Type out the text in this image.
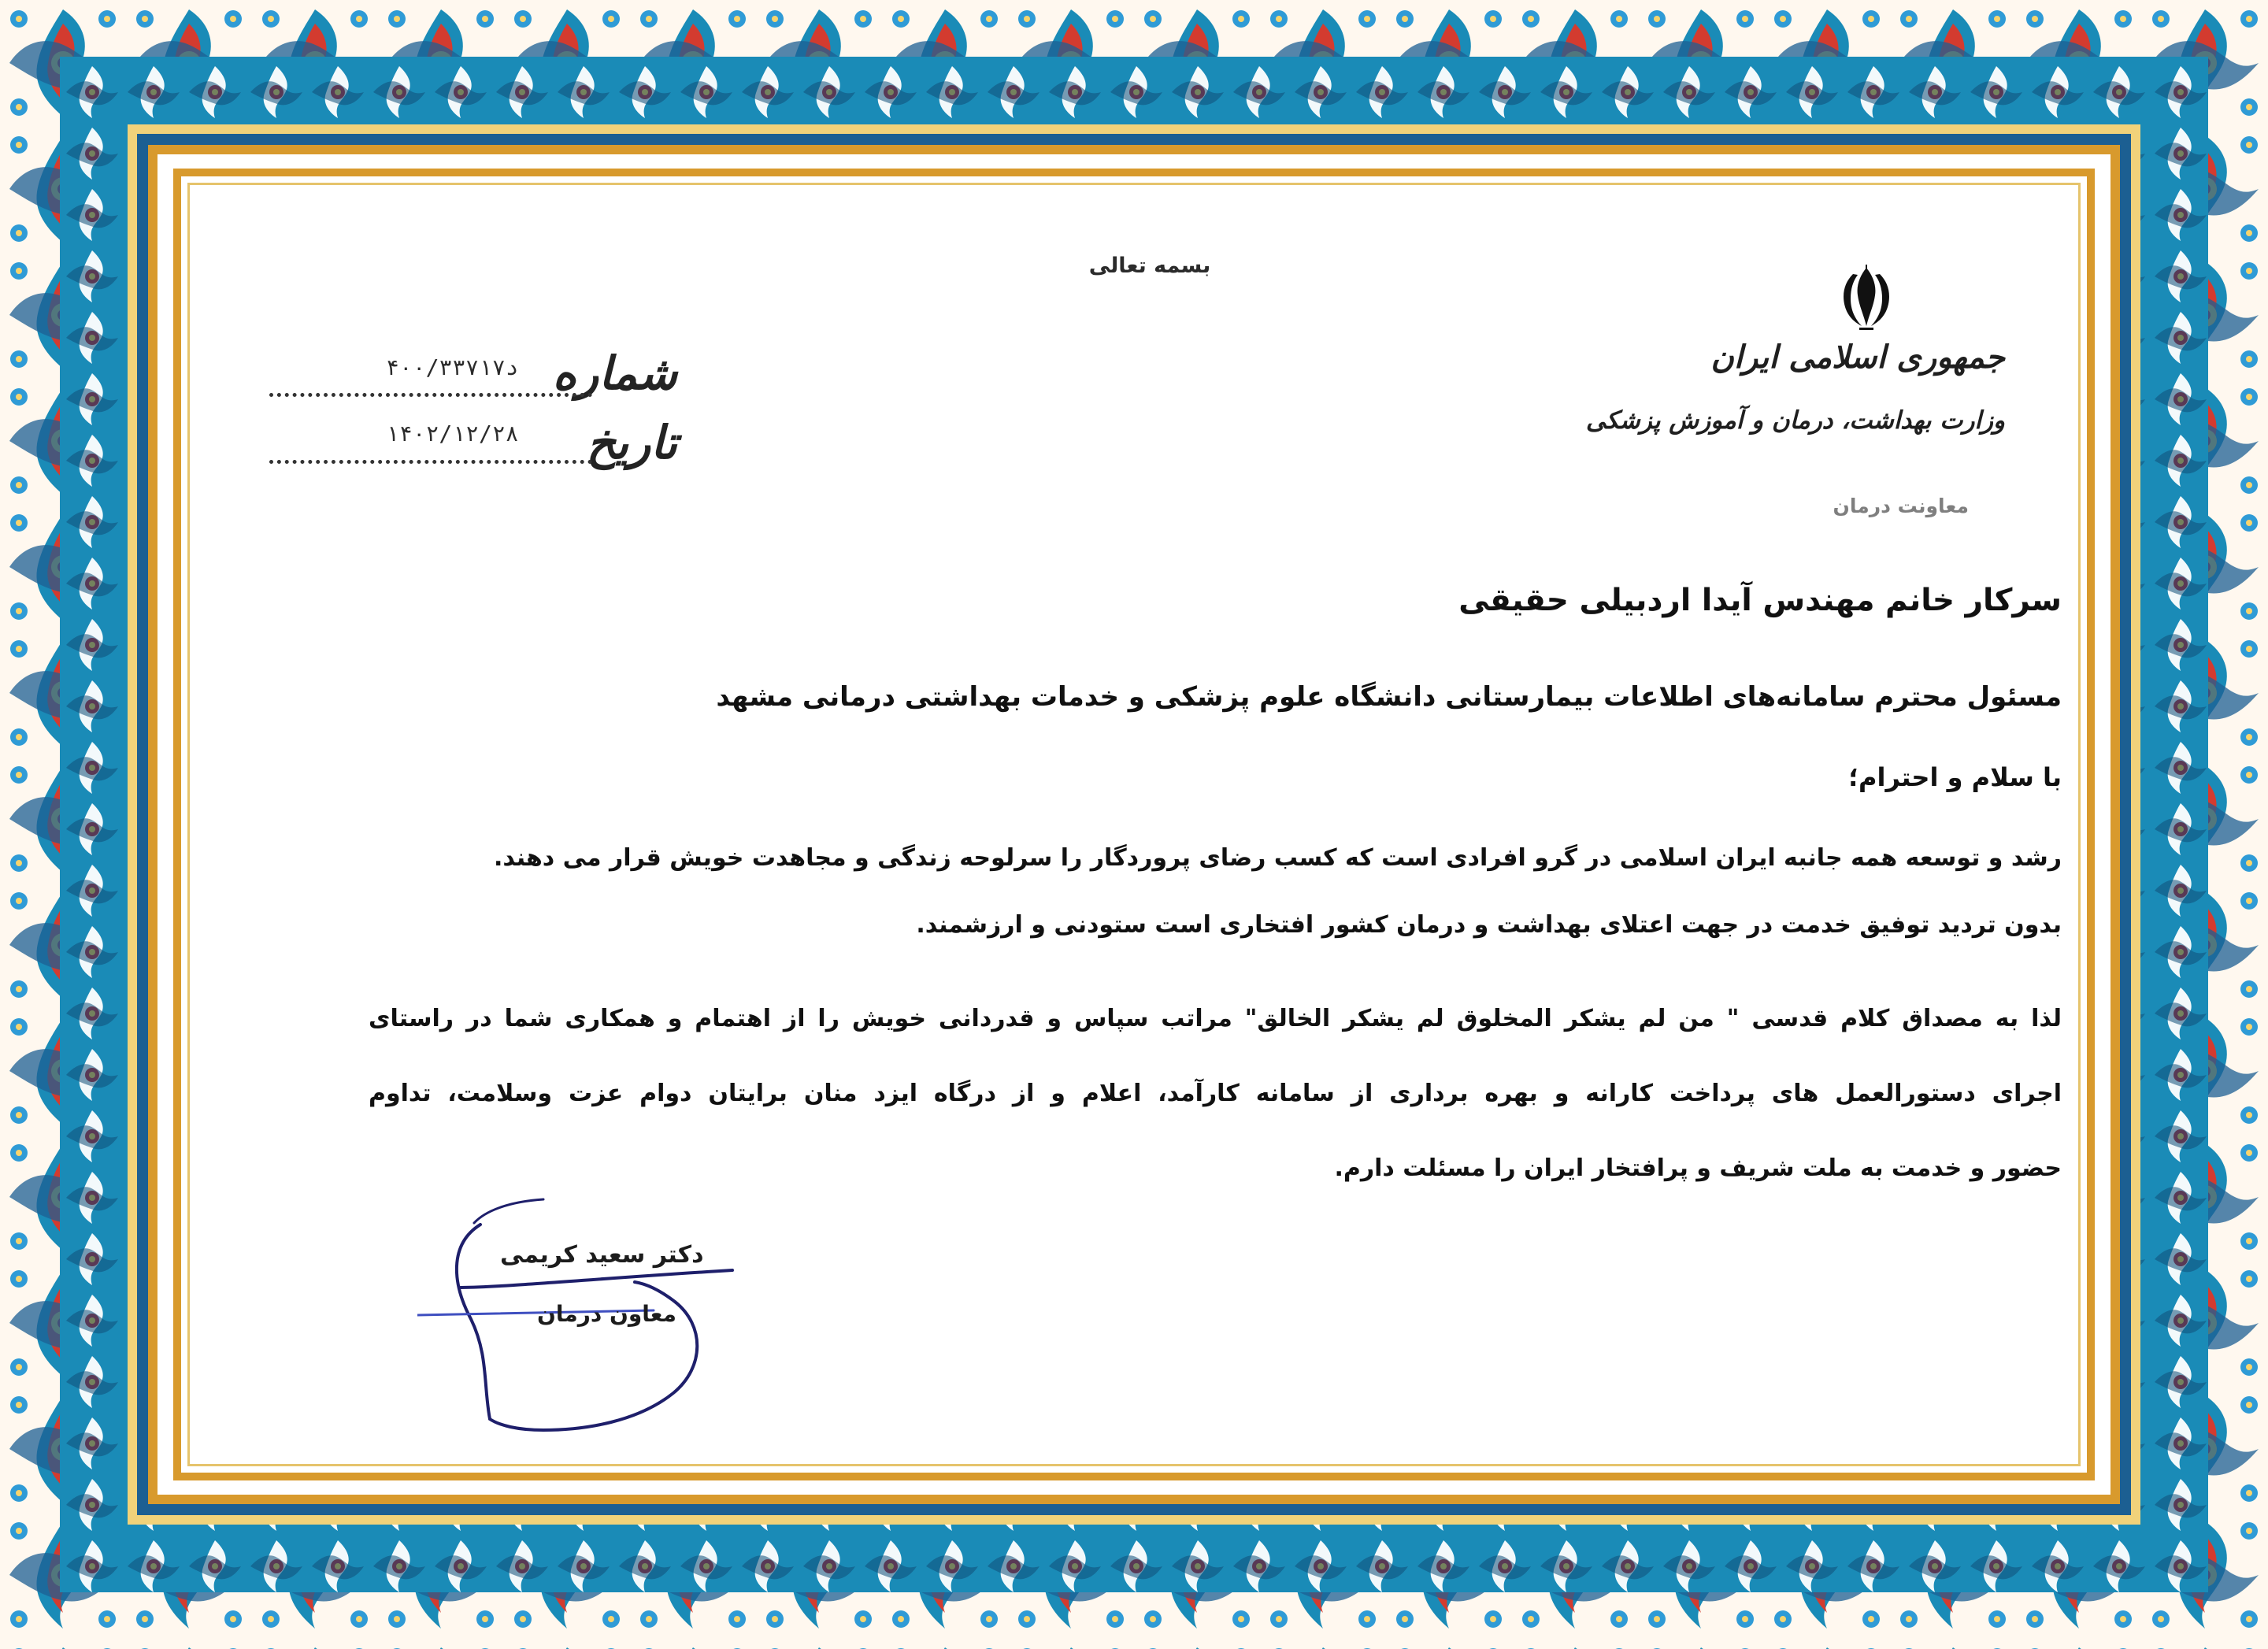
بسمه تعالی
شماره
تاریخ
د۴۰۰/۳۳۷۱۷
۱۴۰۲/۱۲/۲۸
جمهوری اسلامی ایران
وزارت بهداشت، درمان و آموزش پزشکی
معاونت درمان
سرکار خانم مهندس آیدا اردبیلی حقیقی
مسئول محترم سامانه‌های اطلاعات بیمارستانی دانشگاه علوم پزشکی و خدمات بهداشتی درمانی مشهد
با سلام و احترام؛
رشد و توسعه همه جانبه ایران اسلامی در گرو افرادی است که کسب رضای پروردگار را سرلوحه زندگی و مجاهدت خویش قرار می دهند.
بدون تردید توفیق خدمت در جهت اعتلای بهداشت و درمان کشور افتخاری است ستودنی و ارزشمند.
لذا به مصداق کلام قدسی " من لم یشکر المخلوق لم یشکر الخالق" مراتب سپاس و قدردانی خویش را از اهتمام و همکاری شما در راستای
اجرای دستورالعمل های پرداخت کارانه و بهره برداری از سامانه کارآمد، اعلام و از درگاه ایزد منان برایتان دوام عزت وسلامت، تداوم
حضور و خدمت به ملت شریف و پرافتخار ایران را مسئلت دارم.
دکتر سعید کریمی
معاون درمان
